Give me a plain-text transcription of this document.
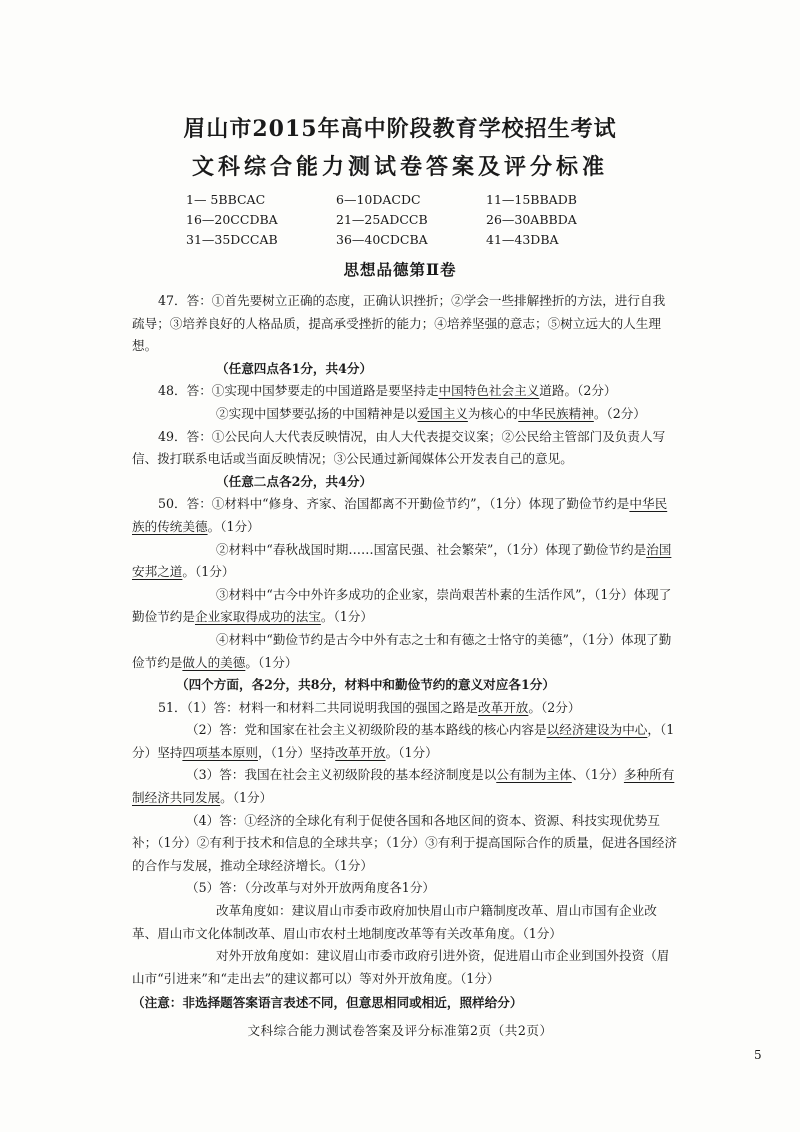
眉山市2015年高中阶段教育学校招生考试
文科综合能力测试卷答案及评分标准
1— 5BBCAC	6—10DACDC	11—15BBADB
16—20CCDBA	21—25ADCCB	26—30ABBDA
31—35DCCAB	36—40CDCBA	41—43DBA
思想品德第Ⅱ卷

47．答：①首先要树立正确的态度，正确认识挫折；②学会一些排解挫折的方法，进行自我疏导；③培养良好的人格品质，提高承受挫折的能力；④培养坚强的意志；⑤树立远大的人生理想。

（任意四点各1分，共4分）

48．答：①实现中国梦要走的中国道路是要坚持走中国特色社会主义道路。（2分）

②实现中国梦要弘扬的中国精神是以爱国主义为核心的中华民族精神。（2分）

49．答：①公民向人大代表反映情况，由人大代表提交议案；②公民给主管部门及负责人写信、拨打联系电话或当面反映情况；③公民通过新闻媒体公开发表自己的意见。

（任意二点各2分，共4分）

50．答：①材料中“修身、齐家、治国都离不开勤俭节约”，（1分）体现了勤俭节约是中华民族的传统美德。（1分）

②材料中“春秋战国时期……国富民强、社会繁荣”，（1分）体现了勤俭节约是治国安邦之道。（1分）

③材料中“古今中外许多成功的企业家，崇尚艰苦朴素的生活作风”，（1分）体现了勤俭节约是企业家取得成功的法宝。（1分）

④材料中“勤俭节约是古今中外有志之士和有德之士恪守的美德”，（1分）体现了勤俭节约是做人的美德。（1分）

（四个方面，各2分，共8分，材料中和勤俭节约的意义对应各1分）

51．（1）答：材料一和材料二共同说明我国的强国之路是改革开放。（2分）

（2）答：党和国家在社会主义初级阶段的基本路线的核心内容是以经济建设为中心，（1分）坚持四项基本原则，（1分）坚持改革开放。（1分）

（3）答：我国在社会主义初级阶段的基本经济制度是以公有制为主体、（1分）多种所有制经济共同发展。（1分）

（4）答：①经济的全球化有利于促使各国和各地区间的资本、资源、科技实现优势互补；（1分）②有利于技术和信息的全球共享；（1分）③有利于提高国际合作的质量，促进各国经济的合作与发展，推动全球经济增长。（1分）

（5）答：（分改革与对外开放两角度各1分）

改革角度如：建议眉山市委市政府加快眉山市户籍制度改革、眉山市国有企业改革、眉山市文化体制改革、眉山市农村土地制度改革等有关改革角度。（1分）

对外开放角度如：建议眉山市委市政府引进外资，促进眉山市企业到国外投资（眉山市“引进来”和“走出去”的建议都可以）等对外开放角度。（1分）

文科综合能力测试卷答案及评分标准第2页（共2页）
5
（注意：非选择题答案语言表述不同，但意思相同或相近，照样给分）
